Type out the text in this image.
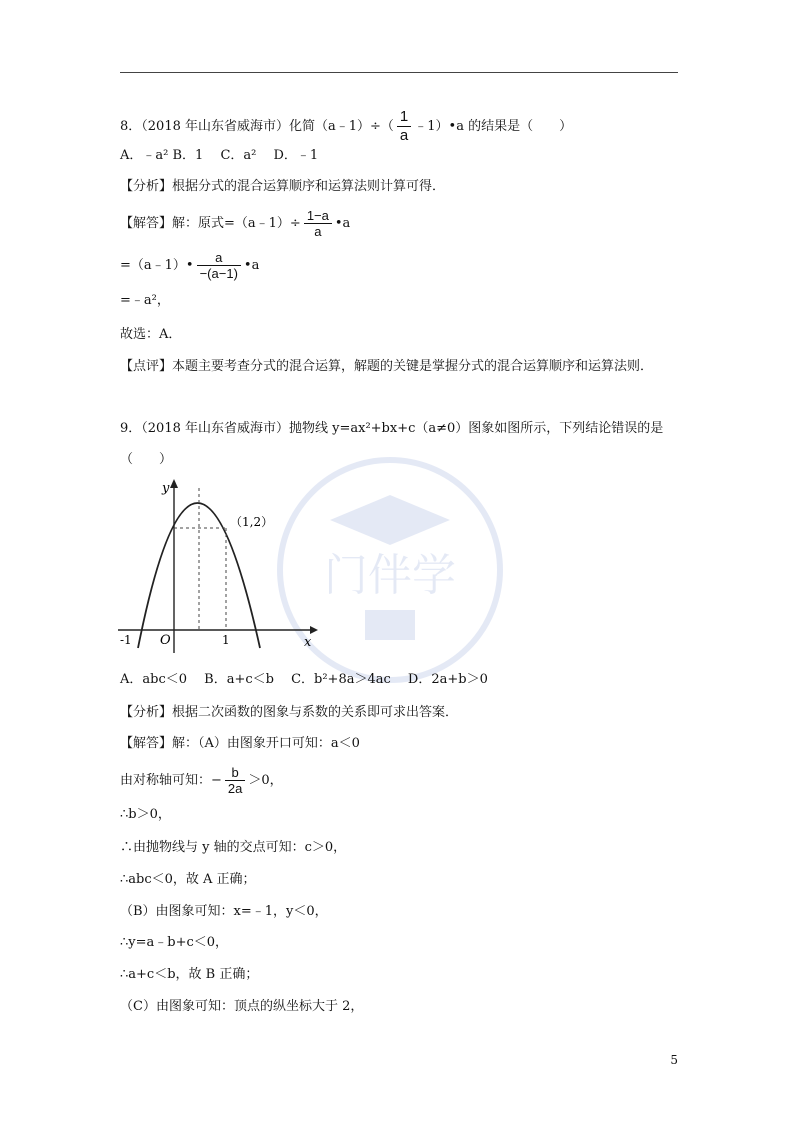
门伴学
8．（2018 年山东省威海市）化简（a﹣1）÷（ $\frac{1}{a}$ ﹣1）•a 的结果是（　　）
A．﹣a² B．1　 C．a²　 D．﹣1
【分析】根据分式的混合运算顺序和运算法则计算可得．
【解答】解：原式=（a﹣1）÷ $\frac{1-a}{a}$ •a
=（a﹣1）• $\frac{a}{-(a-1)}$ •a
=﹣a²，
故选：A．
【点评】本题主要考查分式的混合运算，解题的关键是掌握分式的混合运算顺序和运算法则．
9．（2018 年山东省威海市）抛物线 y=ax²+bx+c（a≠0）图象如图所示，下列结论错误的是
（　　）
y
x
O
-1	1
（1,2）
A．abc＜0　 B．a+c＜b　 C．b²+8a＞4ac　 D．2a+b＞0
【分析】根据二次函数的图象与系数的关系即可求出答案．
【解答】解：（A）由图象开口可知：a＜0
由对称轴可知：− $\frac{b}{2a} >0$，
∴b＞0，
∴由抛物线与 y 轴的交点可知：c＞0，
∴abc＜0，故 A 正确；
（B）由图象可知：x=﹣1，y＜0，
∴y=a﹣b+c＜0，
∴a+c＜b，故 B 正确；
（C）由图象可知：顶点的纵坐标大于 2，
5
